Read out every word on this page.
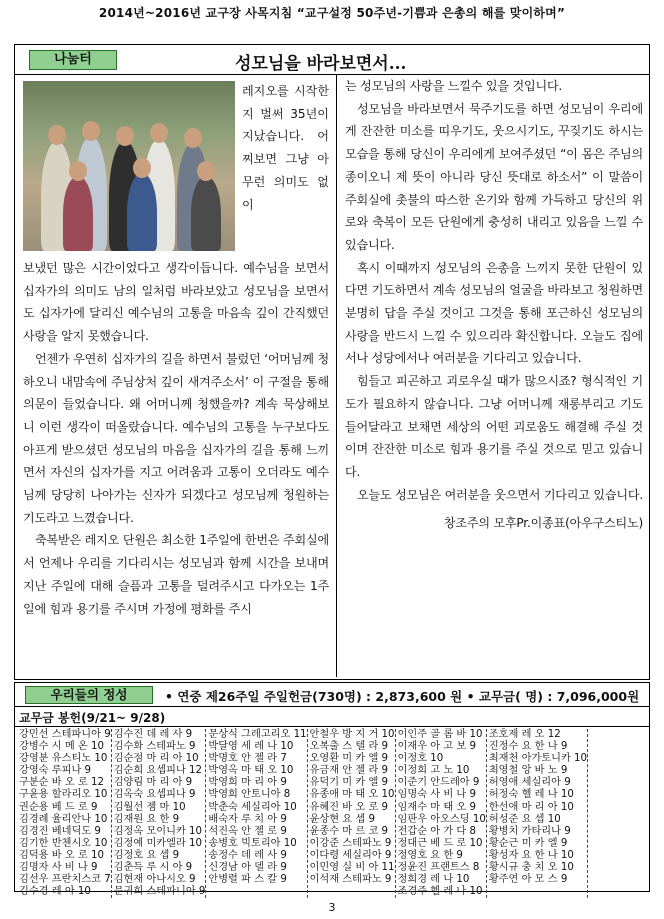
2014년~2016년 교구장 사목지침 “교구설정 50주년-기쁨과 은총의 해를 맞이하며”
나눔터	성모님을 바라보면서...
레지오를 시작한지 벌써 35년이 지났습니다. 어찌보면 그냥 아무런 의미도 없이

보냈던 많은 시간이었다고 생각이듭니다. 예수님을 보면서 십자가의 의미도 남의 일처럼 바라보았고 성모님을 보면서도 십자가에 달리신 예수님의 고통을 마음속 깊이 간직했던 사랑을 알지 못했습니다.

언젠가 우연히 십자가의 길을 하면서 불렀던 ‘어머님께 청하오니 내맘속에 주님상처 깊이 새겨주소서’ 이 구절을 통해 의문이 들었습니다. 왜 어머니께 청했을까? 계속 묵상해보니 이런 생각이 떠올랐습니다. 예수님의 고통을 누구보다도 아프게 받으셨던 성모님의 마음을 십자가의 길을 통해 느끼면서 자신의 십자가를 지고 어려움과 고통이 오더라도 예수님께 당당히 나아가는 신자가 되겠다고 성모님께 청원하는 기도라고 느꼈습니다.

축복받은 레지오 단원은 최소한 1주일에 한번은 주회실에서 언제나 우리를 기다리시는 성모님과 함께 시간을 보내며 지난 주일에 대해 슬픔과 고통을 덜려주시고 다가오는 1주일에 힘과 용기를 주시며 가정에 평화를 주시

는 성모님의 사랑을 느낄수 있을 것입니다.

성모님을 바라보면서 묵주기도를 하면 성모님이 우리에게 잔잔한 미소를 띠우기도, 웃으시기도, 꾸짖기도 하시는 모습을 통해 당신이 우리에게 보여주셨던 “이 몸은 주님의 종이오니 제 뜻이 아니라 당신 뜻대로 하소서” 이 말씀이 주회실에 촛불의 따스한 온기와 함께 가득하고 당신의 위로와 축복이 모든 단원에게 충성히 내리고 있음을 느낄 수 있습니다.

혹시 이때까지 성모님의 은총을 느끼지 못한 단원이 있다면 기도하면서 계속 성모님의 얼굴을 바라보고 청원하면 분명히 답을 주실 것이고 그것을 통해 포근하신 성모님의 사랑을 반드시 느낄 수 있으리라 확신합니다. 오늘도 집에서나 성당에서나 여러분을 기다리고 있습니다.

힘들고 피곤하고 괴로우실 때가 많으시죠? 형식적인 기도가 필요하지 않습니다. 그냥 어머니께 재롱부리고 기도 들어달라고 보채면 세상의 어떤 괴로움도 해결해 주실 것이며 잔잔한 미소로 힘과 용기를 주실 것으로 믿고 있습니다.

오늘도 성모님은 여러분을 웃으면서 기다리고 있습니다.

창조주의 모후Pr.이종표(아우구스티노)

우리들의 정성	• 연중 제26주일 주일헌금(730명) : 2,873,600 원 • 교무금( 명) : 7,096,000원
교무금 봉헌(9/21~ 9/28)
강민선 스테파니아 9
강병수 시 메 온 10
강영분 유스티노 10
강영숙 루피나 9
구분순 바 오 로 12
구윤용 할라리오 10
권순용 베 드 로 9
김경례 율리안나 10
김경진 베네딕도 9
김기한 반첸시오 10
김덕용 바 오 로 10
김명자 사 비 나 9
김선우 프란치스코 7
김수경 레 아 10
김수진 데 레 사 9
김수화 스테파노 9
김순점 마 리 아 10
김순희 요셉피나 12
김양림 마 리 아 9
김옥숙 요셉피나 9
김월선 젬 마 10
김재원 요 한 9
김정옥 모이니카 10
김정예 미카엘라 10
김정호 요 셉 9
김춘득 루 시 아 9
김현재 아나시오 9
문귀희 스테파니아 9
문상식 그레고리오 11
박달영 세 레 나 10
박명호 안 젤 라 7
박영옥 마 태 오 10
박영희 마 리 아 9
박영희 안토니아 8
박춘숙 세실리아 10
배숙자 루 치 아 9
석진옥 안 젤 로 9
송병호 빅토리아 10
송정수 데 레 사 9
신경남 아 델 라 9
안병렬 파 스 칼 9
안철우 방 지 거 10
오복출 스 텔 라 9
오영환 미 카 엘 9
유금재 안 젤 라 9
유덕기 미 카 엘 9
유종애 마 태 오 10
유혜진 바 오 로 9
윤상현 요 셉 9
윤종수 마 르 코 9
이강준 스테파노 9
이다령 세실리아 9
이민영 실 비 아 11
이석재 스테파노 9
이인주 골 롬 바 10
이재우 아 고 보 9
이정호 10
이정희 고 노 10
이준기 안드레아 9
임명숙 사 비 나 9
임재수 마 태 오 9
임판우 아오스딩 10
전갑순 아 가 다 8
정대근 베 드 로 10
정영호 요 한 9
정윤진 프랜트스 8
정희경 레 나 10
조경주 헬 레 나 10
조호제 레 오 12
진정수 요 한 나 9
최재천 아가토니카 10
최영철 앙 바 노 9
허영애 세실리아 9
허정숙 헬 레 나 10
한선애 마 리 아 10
허성준 요 셉 10
황병치 가타리나 9
황순근 미 카 엘 9
황성자 요 한 나 10
황시규 충 치 오 10
황주연 아 모 스 9
3
